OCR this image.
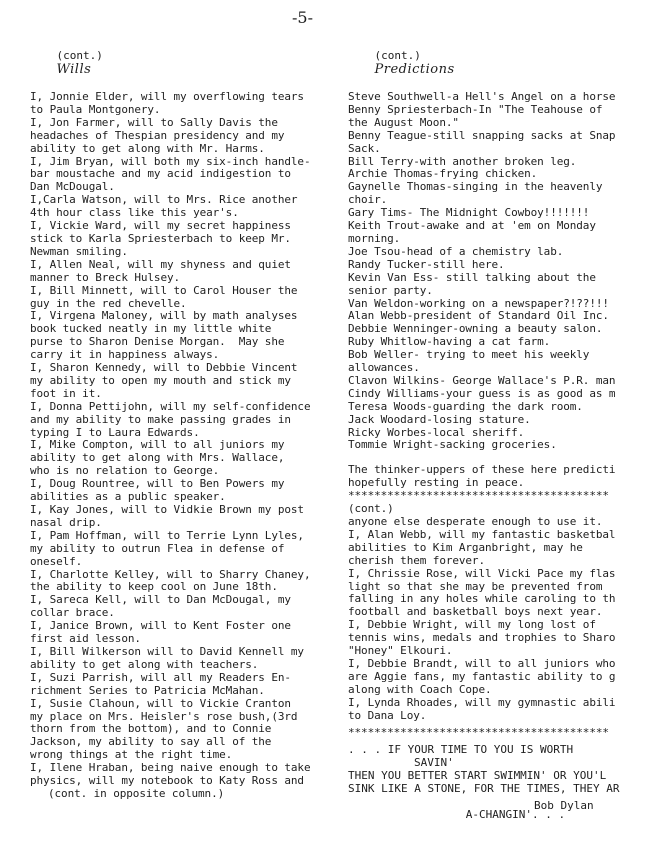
-5-

(cont.)
Wills

I, Jonnie Elder, will my overflowing tears
to Paula Montgonery.
I, Jon Farmer, will to Sally Davis the
headaches of Thespian presidency and my
ability to get along with Mr. Harms.
I, Jim Bryan, will both my six-inch handle-
bar moustache and my acid indigestion to
Dan McDougal.
I,Carla Watson, will to Mrs. Rice another
4th hour class like this year's.
I, Vickie Ward, will my secret happiness
stick to Karla Spriesterbach to keep Mr.
Newman smiling.
I, Allen Neal, will my shyness and quiet
manner to Breck Hulsey.
I, Bill Minnett, will to Carol Houser the
guy in the red chevelle.
I, Virgena Maloney, will by math analyses
book tucked neatly in my little white
purse to Sharon Denise Morgan.  May she
carry it in happiness always.
I, Sharon Kennedy, will to Debbie Vincent
my ability to open my mouth and stick my
foot in it.
I, Donna Pettijohn, will my self-confidence
and my ability to make passing grades in
typing I to Laura Edwards.
I, Mike Compton, will to all juniors my
ability to get along with Mrs. Wallace,
who is no relation to George.
I, Doug Rountree, will to Ben Powers my
abilities as a public speaker.
I, Kay Jones, will to Vidkie Brown my post
nasal drip.
I, Pam Hoffman, will to Terrie Lynn Lyles,
my ability to outrun Flea in defense of
oneself.
I, Charlotte Kelley, will to Sharry Chaney,
the ability to keep cool on June 18th.
I, Sareca Kell, will to Dan McDougal, my
collar brace.
I, Janice Brown, will to Kent Foster one
first aid lesson.
I, Bill Wilkerson will to David Kennell my
ability to get along with teachers.
I, Suzi Parrish, will all my Readers En-
richment Series to Patricia McMahan.
I, Susie Clahoun, will to Vickie Cranton
my place on Mrs. Heisler's rose bush,(3rd
thorn from the bottom), and to Connie
Jackson, my ability to say all of the
wrong things at the right time.
I, Ilene Hraban, being naive enough to take
physics, will my notebook to Katy Ross and
(cont. in opposite column.)

(cont.)
Predictions

Steve Southwell-a Hell's Angel on a horse
Benny Spriesterbach-In "The Teahouse of
the August Moon."
Benny Teague-still snapping sacks at Snap
Sack.
Bill Terry-with another broken leg.
Archie Thomas-frying chicken.
Gaynelle Thomas-singing in the heavenly
choir.
Gary Tims- The Midnight Cowboy!!!!!!!
Keith Trout-awake and at 'em on Monday
morning.
Joe Tsou-head of a chemistry lab.
Randy Tucker-still here.
Kevin Van Ess- still talking about the
senior party.
Van Weldon-working on a newspaper?!??!!!
Alan Webb-president of Standard Oil Inc.
Debbie Wenninger-owning a beauty salon.
Ruby Whitlow-having a cat farm.
Bob Weller- trying to meet his weekly
allowances.
Clavon Wilkins- George Wallace's P.R. man
Cindy Williams-your guess is as good as m
Teresa Woods-guarding the dark room.
Jack Woodard-losing stature.
Ricky Worbes-local sheriff.
Tommie Wright-sacking groceries.
The thinker-uppers of these here predicti
hopefully resting in peace.
****************************************
(cont.)
anyone else desperate enough to use it.
I, Alan Webb, will my fantastic basketbal
abilities to Kim Arganbright, may he
cherish them forever.
I, Chrissie Rose, will Vicki Pace my flas
light so that she may be prevented from
falling in any holes while caroling to th
football and basketball boys next year.
I, Debbie Wright, will my long lost of
tennis wins, medals and trophies to Sharo
"Honey" Elkouri.
I, Debbie Brandt, will to all juniors who
are Aggie fans, my fantastic ability to g
along with Coach Cope.
I, Lynda Rhoades, will my gymnastic abili
to Dana Loy.
****************************************
. . . IF YOUR TIME TO YOU IS WORTH
SAVIN'
THEN YOU BETTER START SWIMMIN' OR YOU'L
SINK LIKE A STONE, FOR THE TIMES, THEY AR

A-CHANGIN'. . .

Bob Dylan
